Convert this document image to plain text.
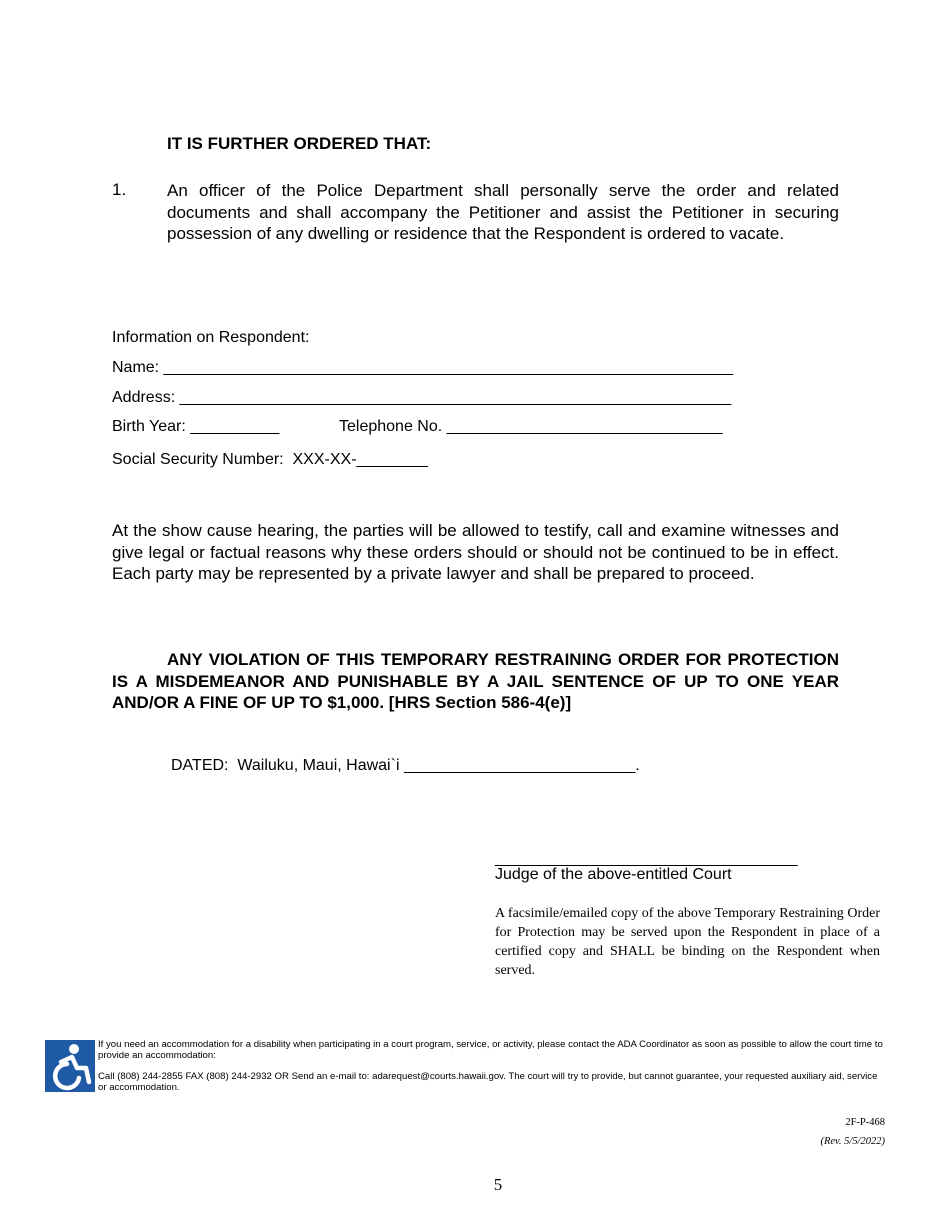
IT IS FURTHER ORDERED THAT:
1. An officer of the Police Department shall personally serve the order and related documents and shall accompany the Petitioner and assist the Petitioner in securing possession of any dwelling or residence that the Respondent is ordered to vacate.
Information on Respondent:
Name: ________________________________________________________________
Address: ______________________________________________________________
Birth Year: __________	Telephone No. _______________________________
Social Security Number:  XXX-XX-________
At the show cause hearing, the parties will be allowed to testify, call and examine witnesses and give legal or factual reasons why these orders should or should not be continued to be in effect. Each party may be represented by a private lawyer and shall be prepared to proceed.
ANY VIOLATION OF THIS TEMPORARY RESTRAINING ORDER FOR PROTECTION IS A MISDEMEANOR AND PUNISHABLE BY A JAIL SENTENCE OF UP TO ONE YEAR AND/OR A FINE OF UP TO $1,000. [HRS Section 586-4(e)]
DATED:  Wailuku, Maui, Hawai`i __________________________.
__________________________________
Judge of the above-entitled Court
A facsimile/emailed copy of the above Temporary Restraining Order for Protection may be served upon the Respondent in place of a certified copy and SHALL be binding on the Respondent when served.
If you need an accommodation for a disability when participating in a court program, service, or activity, please contact the ADA Coordinator as soon as possible to allow the court time to provide an accommodation:
Call (808) 244-2855 FAX (808) 244-2932 OR Send an e-mail to: adarequest@courts.hawaii.gov. The court will try to provide, but cannot guarantee, your requested auxiliary aid, service or accommodation.
2F-P-468
(Rev. 5/5/2022)
5
